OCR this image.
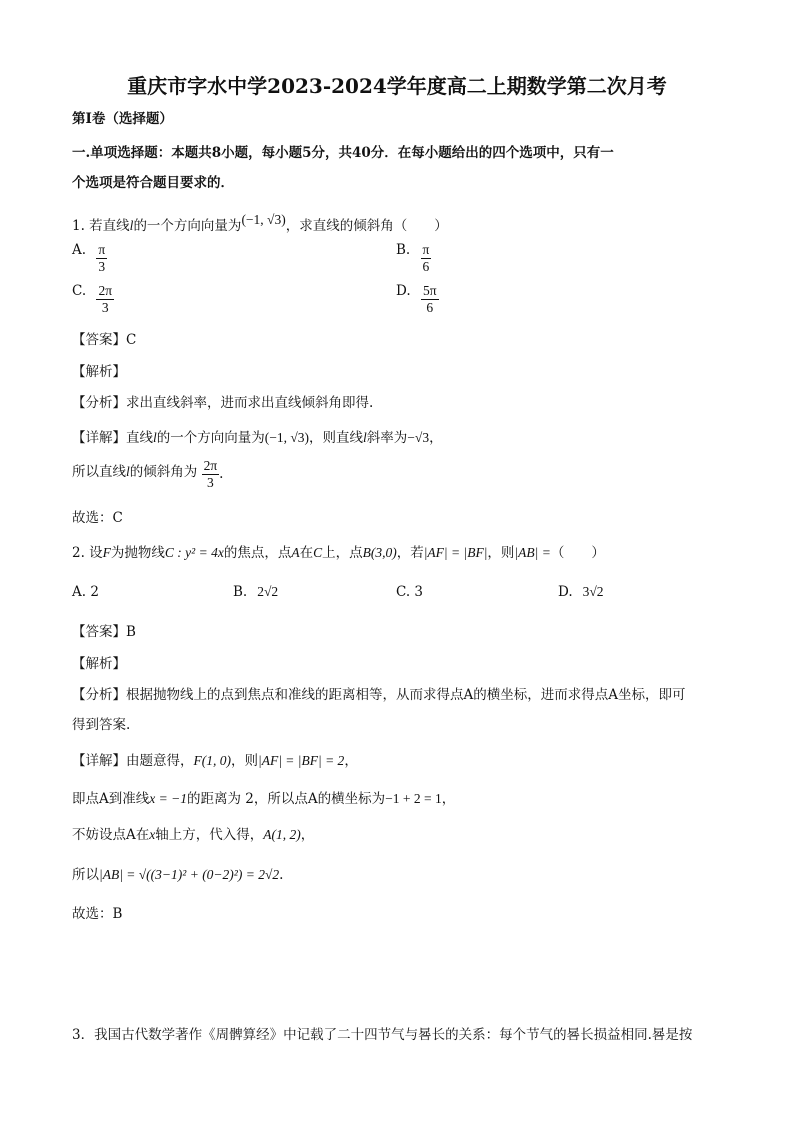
重庆市字水中学2023-2024学年度高二上期数学第二次月考
第Ⅰ卷（选择题）
一.单项选择题：本题共8小题，每小题5分，共40分．在每小题给出的四个选项中，只有一
个选项是符合题目要求的．
1. 若直线l的一个方向向量为(−1, √3)，求直线的倾斜角（　　）
A. $\frac{\pi}{3}$	B. $\frac{\pi}{6}$
C. $\frac{2\pi}{3}$	D. $\frac{5\pi}{6}$
【答案】C
【解析】
【分析】求出直线斜率，进而求出直线倾斜角即得.
【详解】直线l的一个方向向量为(−1, √3)，则直线l斜率为−√3，
所以直线l的倾斜角为 $\frac{2\pi}{3}$ .
故选：C
2. 设F为抛物线C : y² = 4x的焦点，点A在C上，点B(3,0)，若|AF| = |BF|，则|AB| =（　　）
A. 2	B. 2√2	C. 3	D. 3√2
【答案】B
【解析】
【分析】根据抛物线上的点到焦点和准线的距离相等，从而求得点A的横坐标，进而求得点A坐标，即可
得到答案.
【详解】由题意得，F(1, 0)，则|AF| = |BF| = 2，
即点A到准线x = −1的距离为 2，所以点A的横坐标为−1 + 2 = 1，
不妨设点A在x轴上方，代入得，A(1, 2)，
所以|AB| = √((3−1)² + (0−2)²) = 2√2.
故选：B
3．我国古代数学著作《周髀算经》中记载了二十四节气与晷长的关系：每个节气的晷长损益相同.晷是按
